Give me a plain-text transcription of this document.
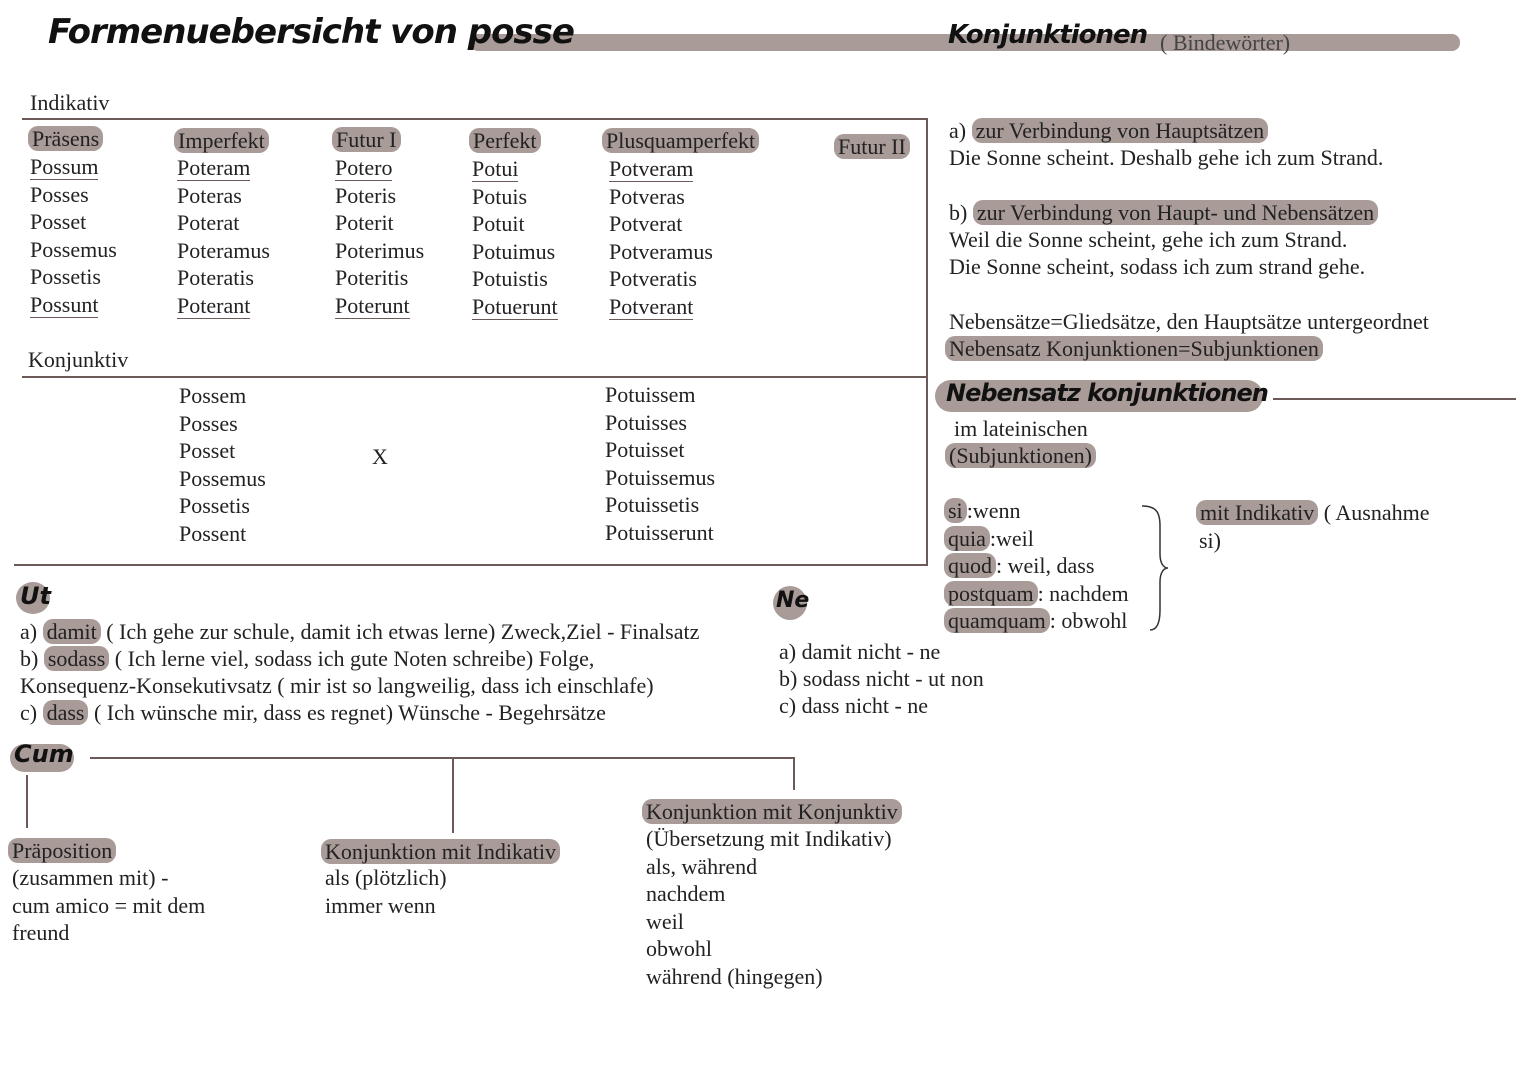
Formenuebersicht von posse	Konjunktionen ( Bindewörter)
Indikativ
Präsens
Possum
Posses
Posset
Possemus
Possetis
Possunt
Imperfekt
Poteram
Poteras
Poterat
Poteramus
Poteratis
Poterant
Futur I
Potero
Poteris
Poterit
Poterimus
Poteritis
Poterunt
Perfekt
Potui
Potuis
Potuit
Potuimus
Potuistis
Potuerunt
Plusquamperfekt
Potveram
Potveras
Potverat
Potveramus
Potveratis
Potverant
Futur II
Konjunktiv
Possem
Posses
Posset
Possemus
Possetis
Possent
X
Potuissem
Potuisses
Potuisset
Potuissemus
Potuissetis
Potuisserunt
a) zur Verbindung von Hauptsätzen
Die Sonne scheint. Deshalb gehe ich zum Strand.
b) zur Verbindung von Haupt- und Nebensätzen
Weil die Sonne scheint, gehe ich zum Strand.
Die Sonne scheint, sodass ich zum strand gehe.
Nebensätze=Gliedsätze, den Hauptsätze untergeordnet
Nebensatz Konjunktionen=Subjunktionen
Nebensatz konjunktionen
im lateinischen
(Subjunktionen)
si :wenn
quia :weil
quod : weil, dass
postquam : nachdem
quamquam : obwohl
mit Indikativ ( Ausnahme
si)
Ut
a) damit ( Ich gehe zur schule, damit ich etwas lerne) Zweck,Ziel - Finalsatz
b) sodass ( Ich lerne viel, sodass ich gute Noten schreibe) Folge,
Konsequenz-Konsekutivsatz ( mir ist so langweilig, dass ich einschlafe)
c) dass ( Ich wünsche mir, dass es regnet) Wünsche - Begehrsätze
Ne
a) damit nicht - ne
b) sodass nicht - ut non
c) dass nicht - ne
Cum
Präposition
(zusammen mit) -
cum amico = mit dem
freund
Konjunktion mit Indikativ
als (plötzlich)
immer wenn
Konjunktion mit Konjunktiv
(Übersetzung mit Indikativ)
als, während
nachdem
weil
obwohl
während (hingegen)
